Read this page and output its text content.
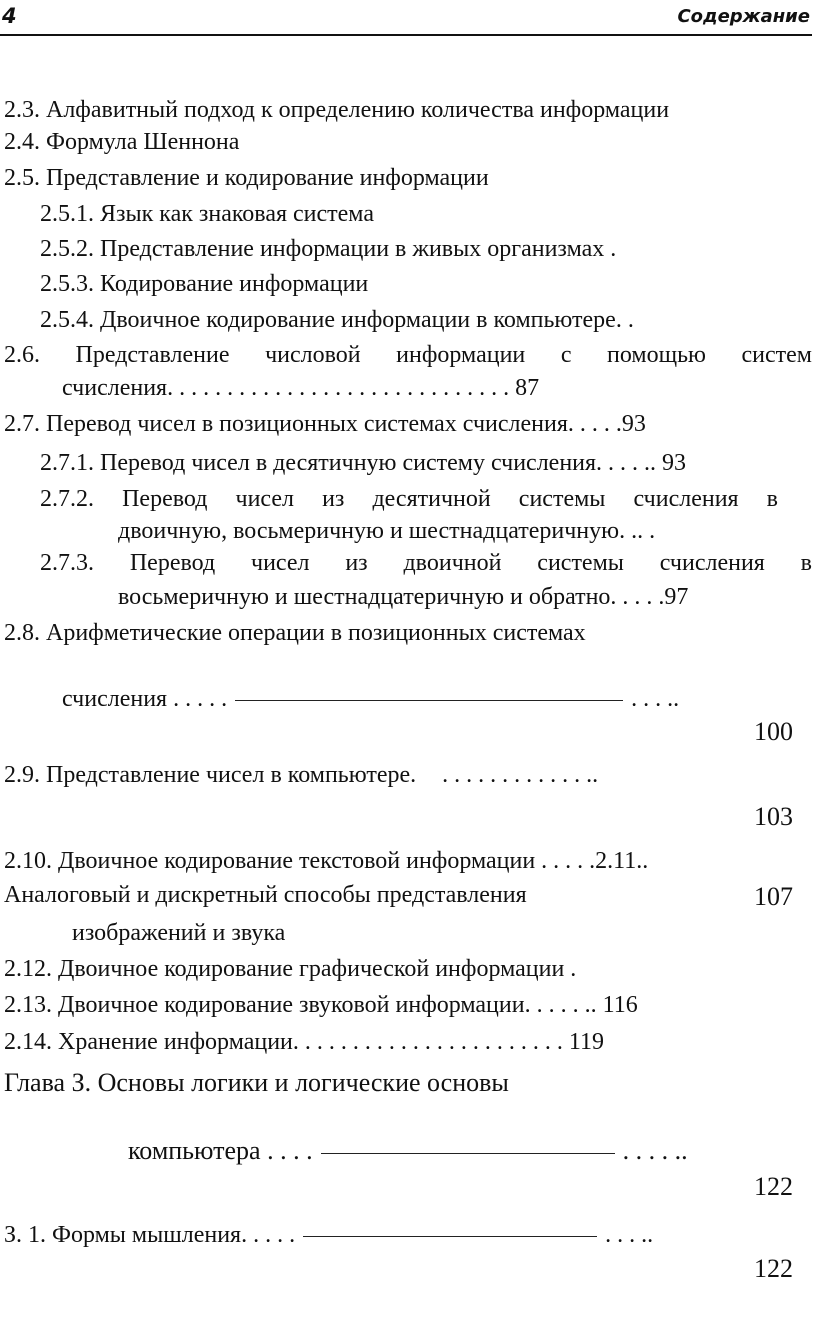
4	Содержание
2.3. Алфавитный подход к определению количества информации
2.4. Формула Шеннона
2.5. Представление и кодирование информации
2.5.1. Язык как знаковая система
2.5.2. Представление информации в живых организмах .
2.5.3. Кодирование информации
2.5.4. Двоичное кодирование информации в компьютере. .
2.6. Представление числовой информации с помощью систем
счисления. . . . . . . . . . . . . . . . . . . . . . . . . . . . . 87
2.7. Перевод чисел в позиционных системах счисления. . . . .93
2.7.1. Перевод чисел в десятичную систему счисления. . . . .. 93
2.7.2. Перевод чисел из десятичной системы счисления в
двоичную, восьмеричную и шестнадцатеричную. .. .
2.7.3. Перевод чисел из двоичной системы счисления в
восьмеричную и шестнадцатеричную и обратно. . . . .97
2.8. Арифметические операции в позиционных системах
счисления . . . . .	. . . ..
100
2.9. Представление чисел в компьютере. . . . . . . . . . . . . ..
103
2.10. Двоичное кодирование текстовой информации . . . . .2.11..
Аналоговый и дискретный способы представления	107
изображений и звука
2.12. Двоичное кодирование графической информации .
2.13. Двоичное кодирование звуковой информации. . . . . .. 116
2.14. Хранение информации. . . . . . . . . . . . . . . . . . . . . . . 119
Глава З. Основы логики и логические основы
компьютера . . . .	. . . . ..
122
З. 1. Формы мышления. . . . .	. . . ..
122
